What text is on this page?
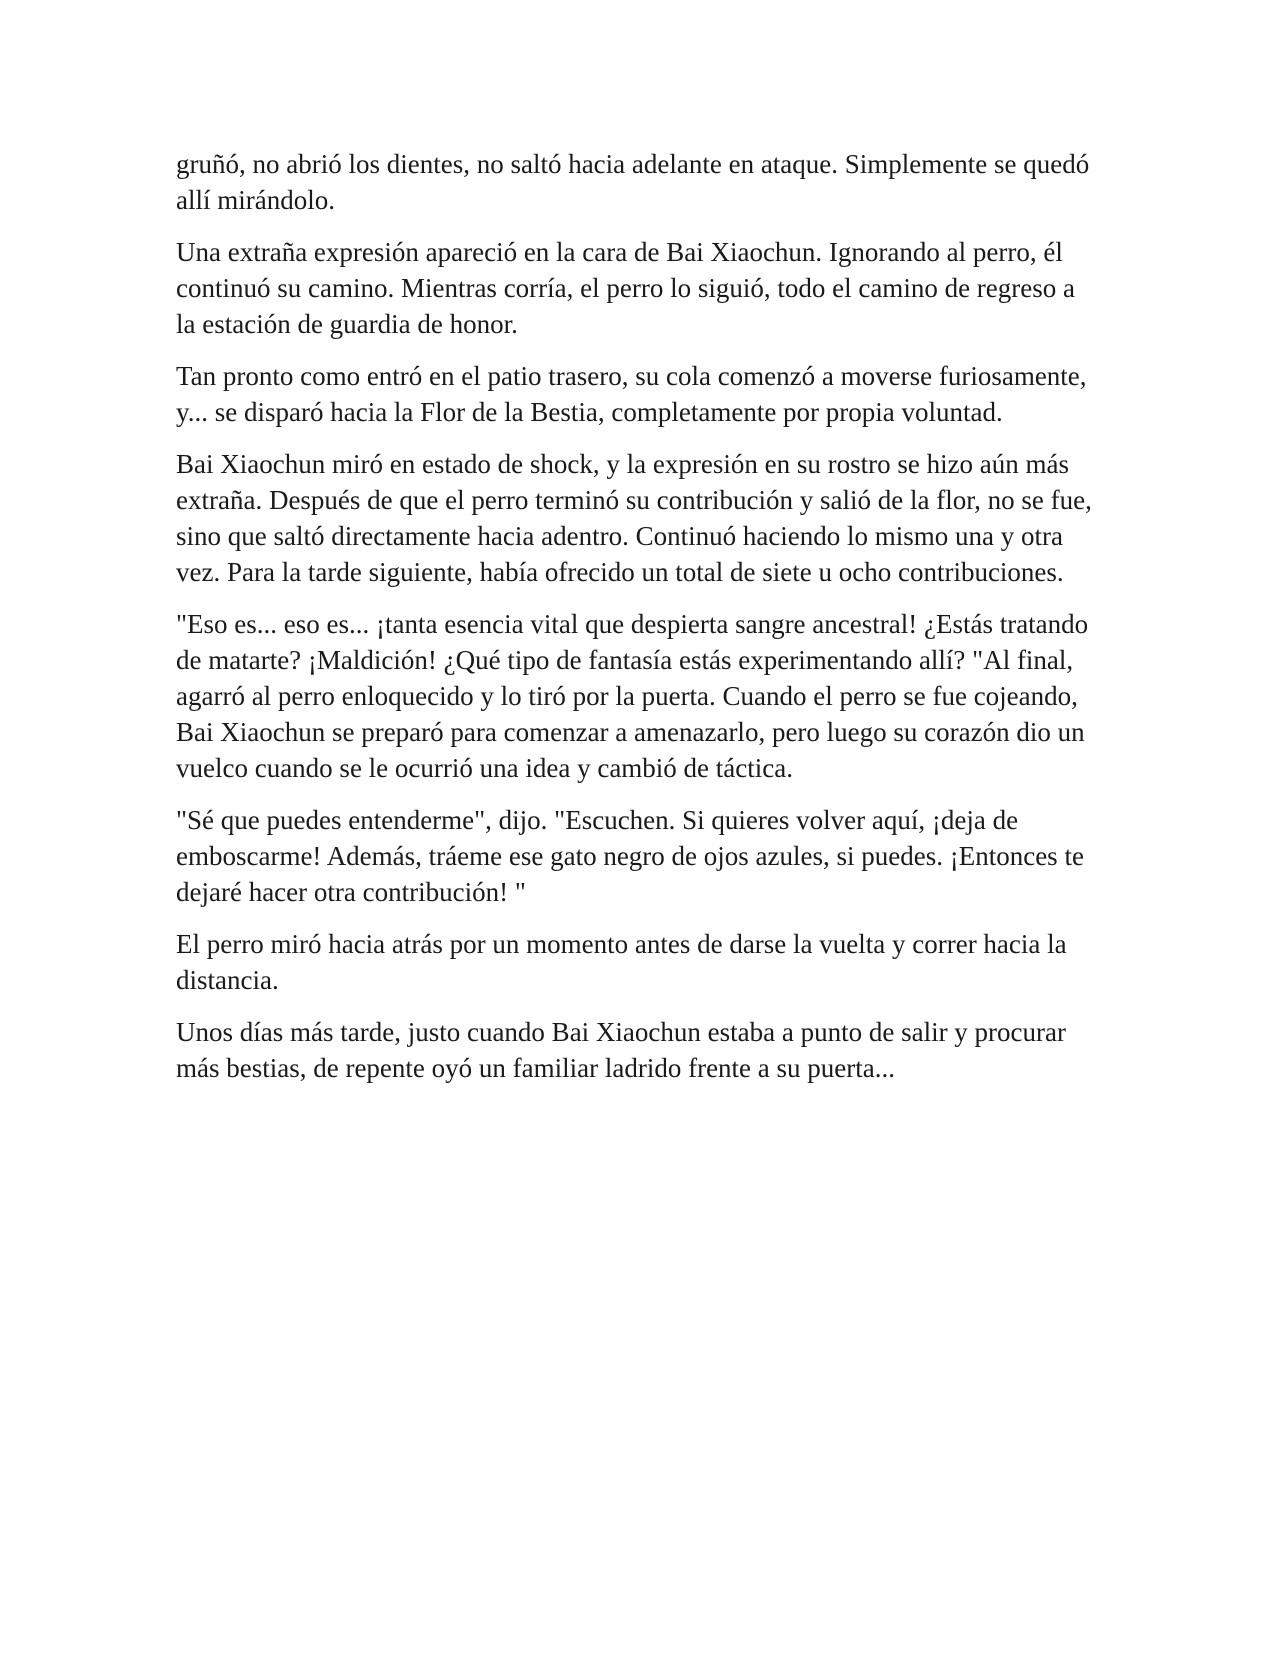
gruñó, no abrió los dientes, no saltó hacia adelante en ataque. Simplemente se quedó allí mirándolo.

Una extraña expresión apareció en la cara de Bai Xiaochun. Ignorando al perro, él continuó su camino. Mientras corría, el perro lo siguió, todo el camino de regreso a la estación de guardia de honor.

Tan pronto como entró en el patio trasero, su cola comenzó a moverse furiosamente, y... se disparó hacia la Flor de la Bestia, completamente por propia voluntad.

Bai Xiaochun miró en estado de shock, y la expresión en su rostro se hizo aún más extraña. Después de que el perro terminó su contribución y salió de la flor, no se fue, sino que saltó directamente hacia adentro. Continuó haciendo lo mismo una y otra vez. Para la tarde siguiente, había ofrecido un total de siete u ocho contribuciones.

"Eso es... eso es... ¡tanta esencia vital que despierta sangre ancestral! ¿Estás tratando de matarte? ¡Maldición! ¿Qué tipo de fantasía estás experimentando allí? "Al final, agarró al perro enloquecido y lo tiró por la puerta. Cuando el perro se fue cojeando, Bai Xiaochun se preparó para comenzar a amenazarlo, pero luego su corazón dio un vuelco cuando se le ocurrió una idea y cambió de táctica.

"Sé que puedes entenderme", dijo. "Escuchen. Si quieres volver aquí, ¡deja de emboscarme! Además, tráeme ese gato negro de ojos azules, si puedes. ¡Entonces te dejaré hacer otra contribución! "

El perro miró hacia atrás por un momento antes de darse la vuelta y correr hacia la distancia.

Unos días más tarde, justo cuando Bai Xiaochun estaba a punto de salir y procurar más bestias, de repente oyó un familiar ladrido frente a su puerta...
